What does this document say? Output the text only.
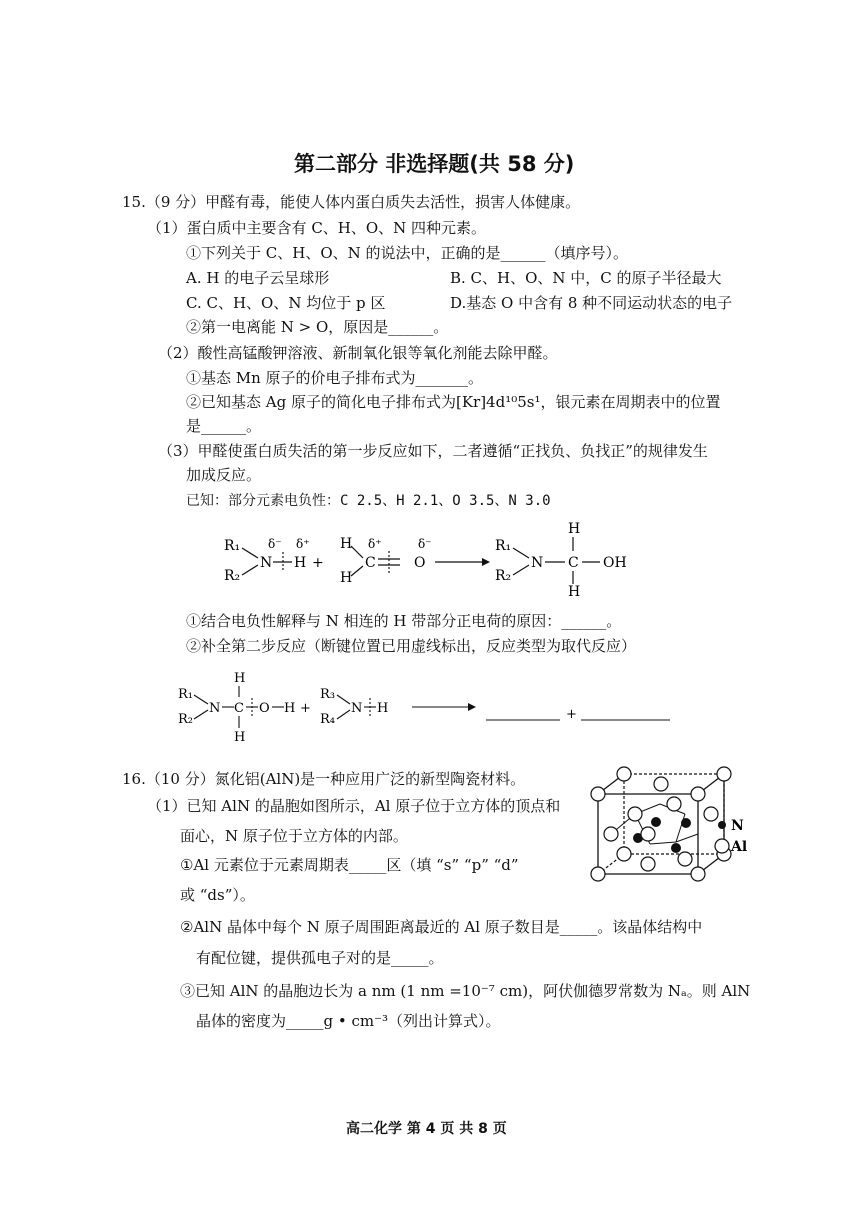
第二部分 非选择题(共 58 分)
15.（9 分）甲醛有毒，能使人体内蛋白质失去活性，损害人体健康。
（1）蛋白质中主要含有 C、H、O、N 四种元素。
①下列关于 C、H、O、N 的说法中，正确的是______（填序号）。
A. H 的电子云呈球形	B. C、H、O、N 中，C 的原子半径最大
C. C、H、O、N 均位于 p 区	D.基态 O 中含有 8 种不同运动状态的电子
②第一电离能 N > O，原因是______。
（2）酸性高锰酸钾溶液、新制氧化银等氧化剂能去除甲醛。
①基态 Mn 原子的价电子排布式为_______。
②已知基态 Ag 原子的简化电子排布式为[Kr]4d¹⁰5s¹，银元素在周期表中的位置
是______。
（3）甲醛使蛋白质失活的第一步反应如下，二者遵循“正找负、负找正”的规律发生
加成反应。
已知：部分元素电负性：C 2.5、H 2.1、O 3.5、N 3.0
R₁
R₂
δ⁻
N
δ⁺
H +
H
H
δ⁺
C
δ⁻
O
R₁
R₂
N
H
C
H
OH
①结合电负性解释与 N 相连的 H 带部分正电荷的原因：______。
②补全第二步反应（断键位置已用虚线标出，反应类型为取代反应）
R₁
R₂
N
H
C
H
O H +
R₃
R₄
N H	+
16.（10 分）氮化铝(AlN)是一种应用广泛的新型陶瓷材料。
（1）已知 AlN 的晶胞如图所示，Al 原子位于立方体的顶点和
面心，N 原子位于立方体的内部。
①Al 元素位于元素周期表_____区（填 “s” “p” “d”
或 “ds”）。
②AlN 晶体中每个 N 原子周围距离最近的 Al 原子数目是_____。该晶体结构中
有配位键，提供孤电子对的是_____。
③已知 AlN 的晶胞边长为 a nm (1 nm =10⁻⁷ cm)，阿伏伽德罗常数为 Nₐ。则 AlN
晶体的密度为_____g • cm⁻³（列出计算式）。
N
Al
高二化学 第 4 页 共 8 页
